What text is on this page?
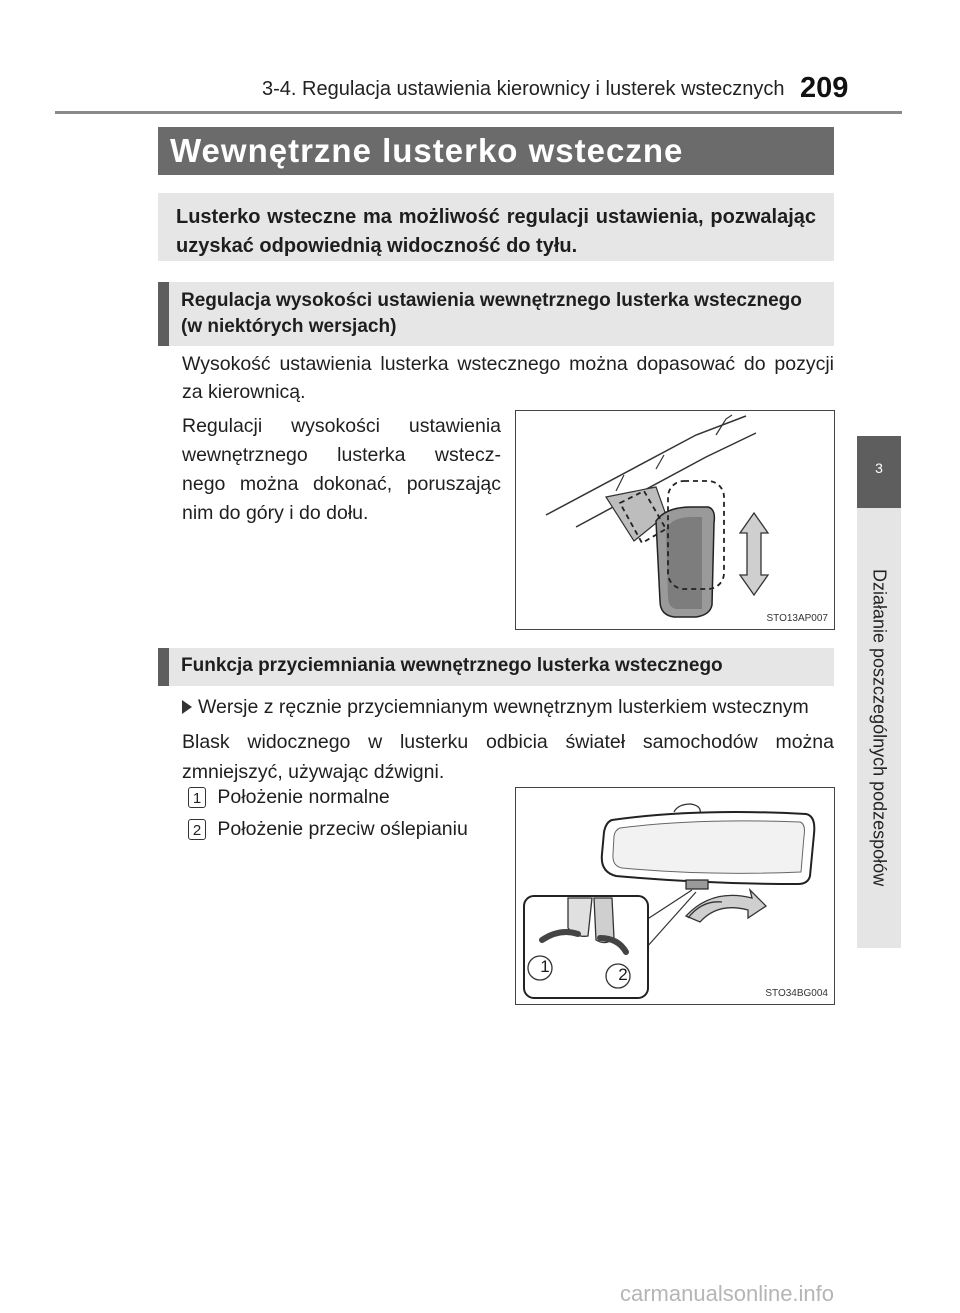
3-4. Regulacja ustawienia kierownicy i lusterek wstecznych 209
3
Działanie poszczególnych podzespołów
Wewnętrzne lusterko wsteczne
Lusterko wsteczne ma możliwość regulacji ustawienia, pozwalając
uzyskać odpowiednią widoczność do tyłu.
Regulacja wysokości ustawienia wewnętrznego lusterka wstecznego
(w niektórych wersjach)
Wysokość ustawienia lusterka wstecznego można dopasować do pozycji
za kierownicą.
Regulacji wysokości ustawienia
wewnętrznego lusterka wstecz-
nego można dokonać, poruszając
nim do góry i do dołu.
STO13AP007
Funkcja przyciemniania wewnętrznego lusterka wstecznego
Wersje z ręcznie przyciemnianym wewnętrznym lusterkiem wstecznym
Blask widocznego w lusterku odbicia świateł samochodów można
zmniejszyć, używając dźwigni.
1 Położenie normalne
2 Położenie przeciw oślepianiu
1	2
STO34BG004
carmanualsonline.info
